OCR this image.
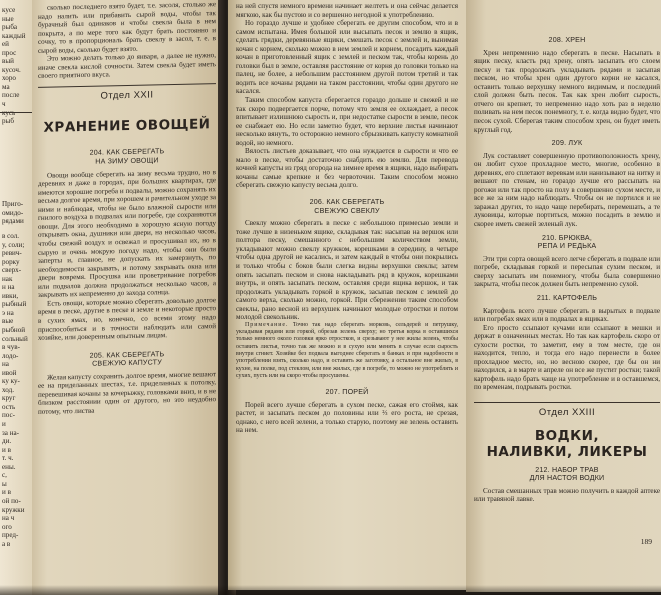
кусе
ные
рыба
каждый ей
прос
вый кусоч.
хоро
ма
после
ч
кусь
рыб
Приго-
омидо-
рядами
в сол.
у, соли;
ревич-
рорку
сверх-
нак
н на
ивки,
рыбный
э на
вые
рыбной
сольный
в чув-
лодо-
на
ивой
ку ку-
ход.
круг
ость
пос-
и
за на-
ди.
и в
т. ч.
ены.
с,
ы
и в
ой по-
кружки
на ч
ого
пред-
а в

сколько последнего взято будет, т.е. засоля, столько же надо налить или прибавить сырой воды, чтобы так бурачный был одинаков и чтобы свекла была в нем покрыта, а по мере того как будут брать постоянно и сочку, то в пропорциональ брать свеклу в засол, т. е. в сырой воды, сколько будет взято.

Это можно делать только до января, а далее не нужно, иначе свекла кислой сочности. Затем свекла будет иметь своего приятного вкуса.

Отдел XXII
ХРАНЕНИЕ ОВОЩЕЙ
204. КАК СБЕРЕГАТЬ
НА ЗИМУ ОВОЩИ

Овощи вообще сберегать на зиму весьма трудно, но в деревнях и даже в городах, при больших квартирах, где имеются хорошие погреба и подвалы, можно сохранять их весьма долгое время, при хорошем и рачительном уходе за ними и наблюдая, чтобы не было влажной сырости или гнилого воздуха в подвалах или погребе, где сохраняются овощи. Для этого необходимо в хорошую ясную погоду открывать окна, душники или двери, на несколько часов, чтобы свежий воздух и освежал и просушивал их, но в сырую и очень мокрую погоду надо, чтобы они были заперты и, главное, не допускать их замерзнуть, по необходимости закрывать, и потому закрывать окна или двери вовремя. Просушка или проветривание погребов или подвалов должна продолжаться несколько часов, а закрывать их непременно до захода солнца.

Есть овощи, которые можно сберегать довольно долгое время в песке, другие в песке и земле и некоторые просто в сухих ямах, но, конечно, со всеми этому надо приспособиться и в точности наблюдать или самой хозяйке, или доверенным опытным лицам.

205. КАК СБЕРЕГАТЬ
СВЕЖУЮ КАПУСТУ

Желая капусту сохранить долгое время, многие вешают ее на приделанных шестах, т.е. приделанных к потолку, перевешивая кочаны за кочерыжку, головками вниз, и в не близком расстоянии один от другого, но это неудобно потому, что листва

на ней спустя немного времени начинает желтеть и она сейчас делается мягкою, как бы пустою и со вершенно негодной к употреблению.

Но гораздо лучше и удобнее сберегать ее другим способом, что и в самом испытана. Имея большой или высыпать песок и землю в ящик, сделать грядки, деревянные ящики, смешать песок с землей и, вынимая кочан с корнем, сколько можно в нем землей и корнем, посадить каждый кочан в приготовленный ящик с землей и песком так, чтобы корень до головки был в земле, оставляя расстояние от корня до головки только на палец, не более, а небольшим расстоянием другой потом третий и так водить все кочаны рядами на таком расстоянии, чтобы один другого не касался.

Таким способом капуста сберегается гораздо дольше и свежей и не так скоро подвергается порче, потому что земля ее охлаждает, а песок впитывает излишнюю сырость и, при недостатке сырости в земле, песок ее снабжает ею. Но если заметно будет, что верхние листья начинают несколько вянуть, то осторожно немного сбрызкивать капусту комнатной водой, но немного.

Вялость листьев доказывает, что она нуждается в сырости и что ее мало в песке, чтобы достаточно снабдить ею землю. Для перевода кочней капусты из гряд огорода на зимнее время в ящики, надо выбирать кочаны самые крепкие и без червоточин. Таким способом можно сберегать свежую капусту весьма долго.

206. КАК СБЕРЕГАТЬ
СВЕЖУЮ СВЕКЛУ

Свеклу можно сберегать в песке с небольшою примесью земли и тоже лучше в низеньком ящике, складывая так: насыпав на вершок или полтора песку, смешанного с небольшим количеством земли, укладывают можно свеклу кружком, корешками в середину, в четыре чтобы одна другой не касались, и затем каждый в чтобы они покрылись и только чтобы с боков были слегка видны верхушки свеклы; затем опять засыпать песком и снова накладывать ряд в кружок, корешками внутрь, и опять засыпать песком, оставляя среди ящика вершок, и так продолжать укладывать горкой в кружок, засыпав песком с землей до самого верха, сколько можно, горкой. При сбережении таким способом свеклы, рано весной из верхушек начинают молодые отростки и потом молодой свекольник.

Примечание. Точно так надо сберегать морковь, сельдерей и петрушку, укладывая рядами или горкой, обрезав зелень сверху; но третья корка в оставшихся только немного около головки ярко отростков, и срезывают у нее жилы зелень, чтобы оставить листья, точно так же можно и в сухую или менять в случае если сырость внутри сгниет. Хозяйке без подвала выгоднее сберегать в банках и при надобности в употреблении взять, сколько надо, и оставить же заготовку, а остальное вне жилых, в кухне, на полке, под стеклом, или вне жилых, где в погребе, то можно не употреблять и сухих, пусть или на скоро чтобы просушены.

207. ПОРЕЙ

Порей всего лучше сберегать в сухом песке, сажая его стоймя, как растет, и засыпать песком до половины или ⅔ его роста, не срезая, однако, с него всей зелени, а только старую, поэтому же зелень оставить на нем.

208. ХРЕН

Хрен непременно надо сберегать в песке. Насыпать в ящик песку, класть ряд хрену, опять засыпать его слоем песку и так продолжать укладывать рядами и засыпая песком, но чтобы хрен один другого корни не касался, оставить только верхушку немного видимым, и последний слой должен быть песок. Так как хрен любит сырость, отчего он крепнет, то непременно надо хоть раз в неделю поливать на нем песок понемногу, т. е. когда видно будет, что песок сухой. Сберегая таким способом хрен, он будет иметь круглый год.

209. ЛУК

Лук составляет совершенную противоположность хрену, он любит сухое прохладное место, многие, особенно в деревнях, его сплетают веревкам или нанизывают на нитку и вешают по стенам, но гораздо лучше его рассыпать на рогожи или так просто на полу в совершенно сухом месте, и все же за ним надо наблюдать. Чтобы он не портился и не заражал других, то надо чаще перебирать, перемешать, а те луковицы, которые портиться, можно посадить в землю и скорее иметь свежей зеленый лук.

210. БРЮКВА,
РЕПА И РЕДЬКА

Эти три сорта овощей всего легче сберегать в подвале или погребе, складывая горкой и пересыпая сухим песком, и сверху засыпать им понемногу, чтобы была совершенно закрыта, чтобы песок должен быть непременно сухой.

211. КАРТОФЕЛЬ

Картофель всего лучше сберегать в вырытых в подвале или погребах ямах или в подвалах в ящиках.

Его просто ссыпают кучами или ссыпают в мешки и держат в означенных местах. Но так как картофель скоро от сухости ростки, то заметит, ему в том месте, где он находится, тепло, и тогда его надо перенести в более прохладное место, но, но весною скорее, где бы он ни находился, а в марте и апреле он все же пустит ростки; такой картофель надо брать чаще на употребление и в оставшемся, по временам, подрывать ростки.

Отдел XXIII
ВОДКИ,
НАЛИВКИ, ЛИКЕРЫ
212. НАБОР ТРАВ
ДЛЯ НАСТОЯ ВОДКИ

Состав смешанных трав можно получить в каждой аптеке или травяной лавке.

189
